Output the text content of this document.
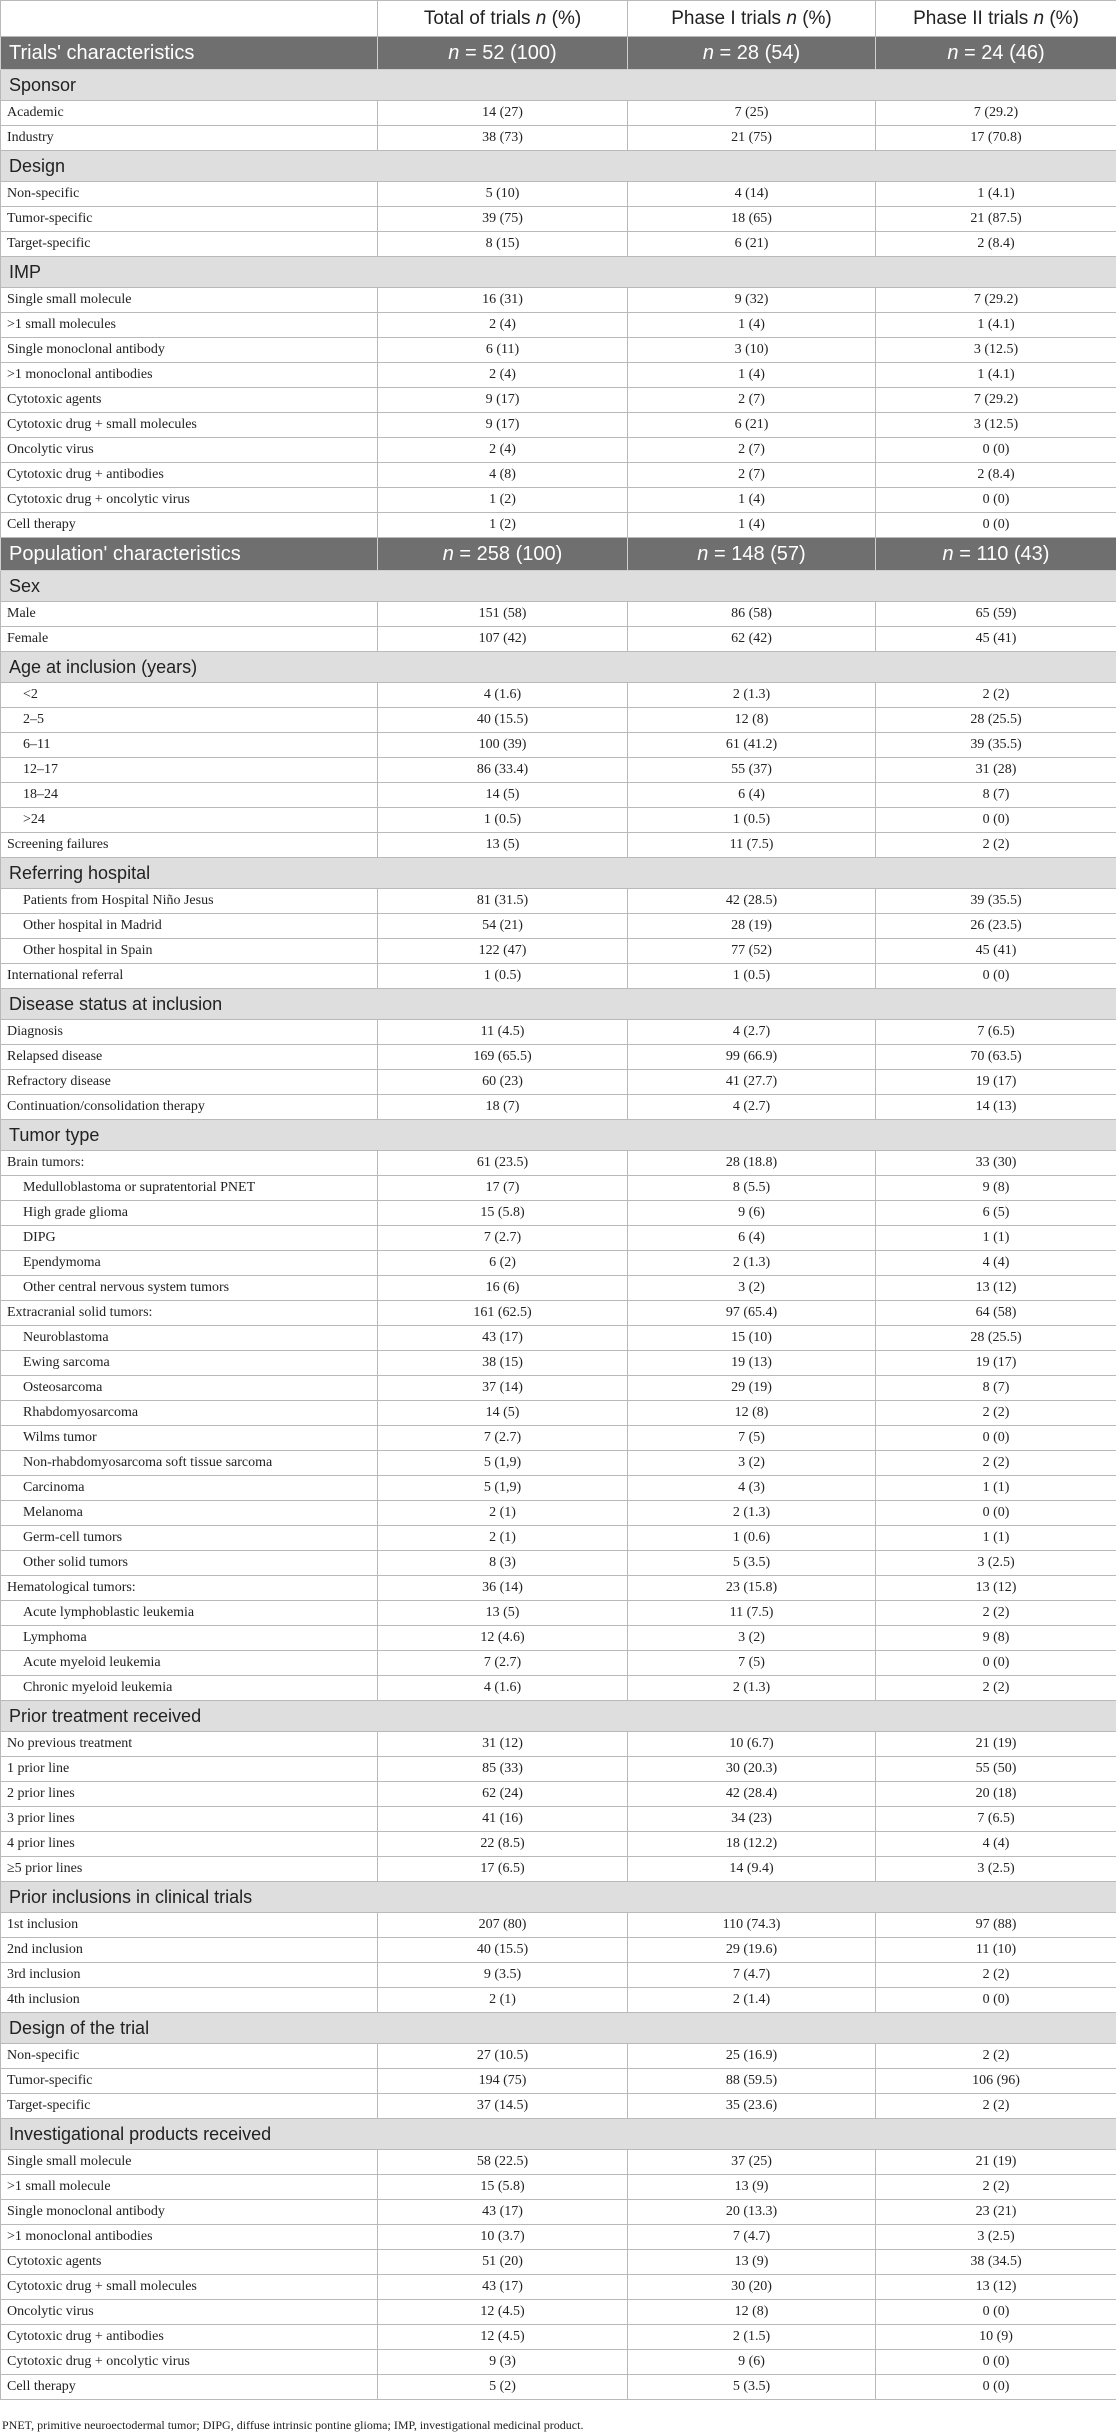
	Total of trials n (%)	Phase I trials n (%)	Phase II trials n (%)
Trials' characteristics	n = 52 (100)	n = 28 (54)	n = 24 (46)
Sponsor			
Academic	14 (27)	7 (25)	7 (29.2)
Industry	38 (73)	21 (75)	17 (70.8)
Design			
Non-specific	5 (10)	4 (14)	1 (4.1)
Tumor-specific	39 (75)	18 (65)	21 (87.5)
Target-specific	8 (15)	6 (21)	2 (8.4)
IMP			
Single small molecule	16 (31)	9 (32)	7 (29.2)
>1 small molecules	2 (4)	1 (4)	1 (4.1)
Single monoclonal antibody	6 (11)	3 (10)	3 (12.5)
>1 monoclonal antibodies	2 (4)	1 (4)	1 (4.1)
Cytotoxic agents	9 (17)	2 (7)	7 (29.2)
Cytotoxic drug + small molecules	9 (17)	6 (21)	3 (12.5)
Oncolytic virus	2 (4)	2 (7)	0 (0)
Cytotoxic drug + antibodies	4 (8)	2 (7)	2 (8.4)
Cytotoxic drug + oncolytic virus	1 (2)	1 (4)	0 (0)
Cell therapy	1 (2)	1 (4)	0 (0)
Population' characteristics	n = 258 (100)	n = 148 (57)	n = 110 (43)
Sex			
Male	151 (58)	86 (58)	65 (59)
Female	107 (42)	62 (42)	45 (41)
Age at inclusion (years)			
<2	4 (1.6)	2 (1.3)	2 (2)
2–5	40 (15.5)	12 (8)	28 (25.5)
6–11	100 (39)	61 (41.2)	39 (35.5)
12–17	86 (33.4)	55 (37)	31 (28)
18–24	14 (5)	6 (4)	8 (7)
>24	1 (0.5)	1 (0.5)	0 (0)
Screening failures	13 (5)	11 (7.5)	2 (2)
Referring hospital			
Patients from Hospital Niño Jesus	81 (31.5)	42 (28.5)	39 (35.5)
Other hospital in Madrid	54 (21)	28 (19)	26 (23.5)
Other hospital in Spain	122 (47)	77 (52)	45 (41)
International referral	1 (0.5)	1 (0.5)	0 (0)
Disease status at inclusion			
Diagnosis	11 (4.5)	4 (2.7)	7 (6.5)
Relapsed disease	169 (65.5)	99 (66.9)	70 (63.5)
Refractory disease	60 (23)	41 (27.7)	19 (17)
Continuation/consolidation therapy	18 (7)	4 (2.7)	14 (13)
Tumor type			
Brain tumors:	61 (23.5)	28 (18.8)	33 (30)
Medulloblastoma or supratentorial PNET	17 (7)	8 (5.5)	9 (8)
High grade glioma	15 (5.8)	9 (6)	6 (5)
DIPG	7 (2.7)	6 (4)	1 (1)
Ependymoma	6 (2)	2 (1.3)	4 (4)
Other central nervous system tumors	16 (6)	3 (2)	13 (12)
Extracranial solid tumors:	161 (62.5)	97 (65.4)	64 (58)
Neuroblastoma	43 (17)	15 (10)	28 (25.5)
Ewing sarcoma	38 (15)	19 (13)	19 (17)
Osteosarcoma	37 (14)	29 (19)	8 (7)
Rhabdomyosarcoma	14 (5)	12 (8)	2 (2)
Wilms tumor	7 (2.7)	7 (5)	0 (0)
Non-rhabdomyosarcoma soft tissue sarcoma	5 (1,9)	3 (2)	2 (2)
Carcinoma	5 (1,9)	4 (3)	1 (1)
Melanoma	2 (1)	2 (1.3)	0 (0)
Germ-cell tumors	2 (1)	1 (0.6)	1 (1)
Other solid tumors	8 (3)	5 (3.5)	3 (2.5)
Hematological tumors:	36 (14)	23 (15.8)	13 (12)
Acute lymphoblastic leukemia	13 (5)	11 (7.5)	2 (2)
Lymphoma	12 (4.6)	3 (2)	9 (8)
Acute myeloid leukemia	7 (2.7)	7 (5)	0 (0)
Chronic myeloid leukemia	4 (1.6)	2 (1.3)	2 (2)
Prior treatment received			
No previous treatment	31 (12)	10 (6.7)	21 (19)
1 prior line	85 (33)	30 (20.3)	55 (50)
2 prior lines	62 (24)	42 (28.4)	20 (18)
3 prior lines	41 (16)	34 (23)	7 (6.5)
4 prior lines	22 (8.5)	18 (12.2)	4 (4)
≥5 prior lines	17 (6.5)	14 (9.4)	3 (2.5)
Prior inclusions in clinical trials			
1st inclusion	207 (80)	110 (74.3)	97 (88)
2nd inclusion	40 (15.5)	29 (19.6)	11 (10)
3rd inclusion	9 (3.5)	7 (4.7)	2 (2)
4th inclusion	2 (1)	2 (1.4)	0 (0)
Design of the trial			
Non-specific	27 (10.5)	25 (16.9)	2 (2)
Tumor-specific	194 (75)	88 (59.5)	106 (96)
Target-specific	37 (14.5)	35 (23.6)	2 (2)
Investigational products received			
Single small molecule	58 (22.5)	37 (25)	21 (19)
>1 small molecule	15 (5.8)	13 (9)	2 (2)
Single monoclonal antibody	43 (17)	20 (13.3)	23 (21)
>1 monoclonal antibodies	10 (3.7)	7 (4.7)	3 (2.5)
Cytotoxic agents	51 (20)	13 (9)	38 (34.5)
Cytotoxic drug + small molecules	43 (17)	30 (20)	13 (12)
Oncolytic virus	12 (4.5)	12 (8)	0 (0)
Cytotoxic drug + antibodies	12 (4.5)	2 (1.5)	10 (9)
Cytotoxic drug + oncolytic virus	9 (3)	9 (6)	0 (0)
Cell therapy	5 (2)	5 (3.5)	0 (0)
PNET, primitive neuroectodermal tumor; DIPG, diffuse intrinsic pontine glioma; IMP, investigational medicinal product.
